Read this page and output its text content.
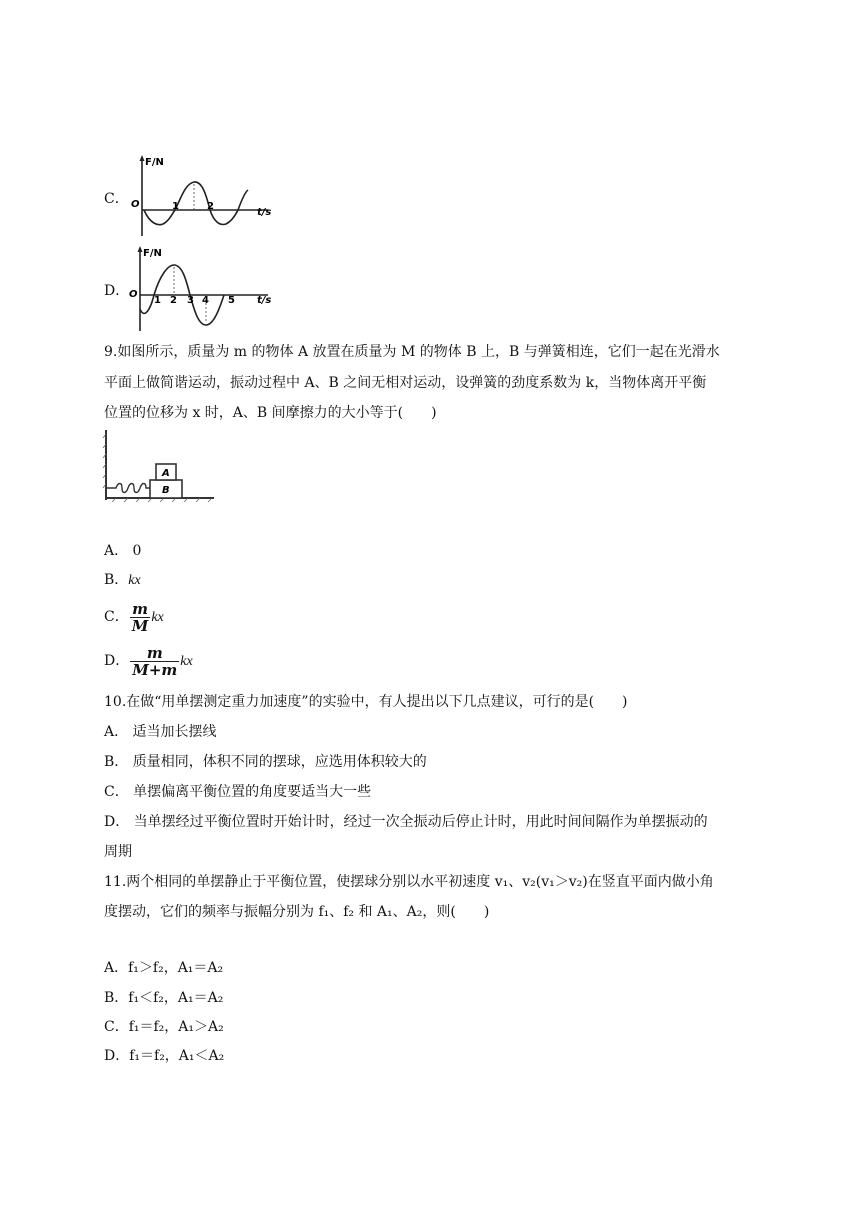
C．
F/N
O
t/s
1	2
D．
F/N
O
t/s
1 2 3 4 5
9.如图所示，质量为 m 的物体 A 放置在质量为 M 的物体 B 上，B 与弹簧相连，它们一起在光滑水
平面上做简谐运动，振动过程中 A、B 之间无相对运动，设弹簧的劲度系数为 k，当物体离开平衡
位置的位移为 x 时，A、B 间摩擦力的大小等于(　　)
B
A
A． 0
B．kx
C． $\frac{m}{M}$ kx
D． $\frac{m}{M+m}$ kx
10.在做“用单摆测定重力加速度”的实验中，有人提出以下几点建议，可行的是(　　)
A． 适当加长摆线
B． 质量相同，体积不同的摆球，应选用体积较大的
C． 单摆偏离平衡位置的角度要适当大一些
D． 当单摆经过平衡位置时开始计时，经过一次全振动后停止计时，用此时间间隔作为单摆振动的
周期
11.两个相同的单摆静止于平衡位置，使摆球分别以水平初速度 v₁、v₂(v₁＞v₂)在竖直平面内做小角
度摆动，它们的频率与振幅分别为 f₁、f₂ 和 A₁、A₂，则(　　)
A．f₁＞f₂，A₁＝A₂
B．f₁＜f₂，A₁＝A₂
C．f₁＝f₂，A₁＞A₂
D．f₁＝f₂，A₁＜A₂
